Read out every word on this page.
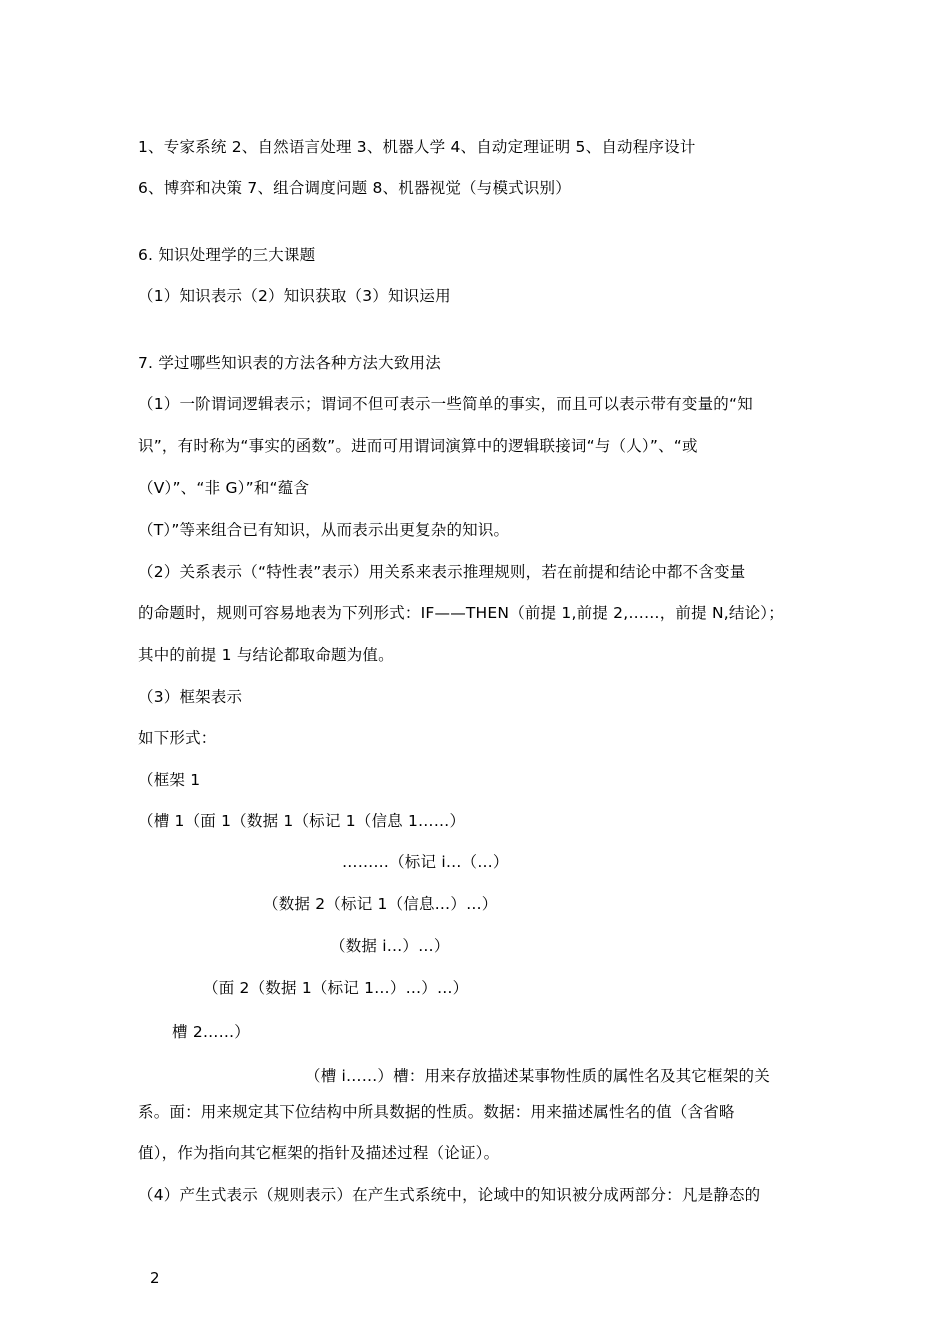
1、专家系统 2、自然语言处理 3、机器人学 4、自动定理证明 5、自动程序设计
6、博弈和决策 7、组合调度问题 8、机器视觉（与模式识别）
6. 知识处理学的三大课题
（1）知识表示（2）知识获取（3）知识运用
7. 学过哪些知识表的方法各种方法大致用法
（1）一阶谓词逻辑表示；谓词不但可表示一些简单的事实，而且可以表示带有变量的“知
识”，有时称为“事实的函数”。进而可用谓词演算中的逻辑联接词“与（人）”、“或
（V）”、“非 G）”和“蕴含
（T）”等来组合已有知识，从而表示出更复杂的知识。
（2）关系表示（“特性表”表示）用关系来表示推理规则，若在前提和结论中都不含变量
的命题时，规则可容易地表为下列形式：IF——THEN（前提 1,前提 2,……，前提 N,结论）；
其中的前提 1 与结论都取命题为值。
（3）框架表示
如下形式：
（框架 1
（槽 1（面 1（数据 1（标记 1（信息 1……）
………（标记 i…（…）
（数据 2（标记 1（信息…）…）
（数据 i…）…）
（面 2（数据 1（标记 1…）…）…）
槽 2……）
（槽 i……）槽：用来存放描述某事物性质的属性名及其它框架的关
系。面：用来规定其下位结构中所具数据的性质。数据：用来描述属性名的值（含省略
值），作为指向其它框架的指针及描述过程（论证）。
（4）产生式表示（规则表示）在产生式系统中，论域中的知识被分成两部分：凡是静态的
2
